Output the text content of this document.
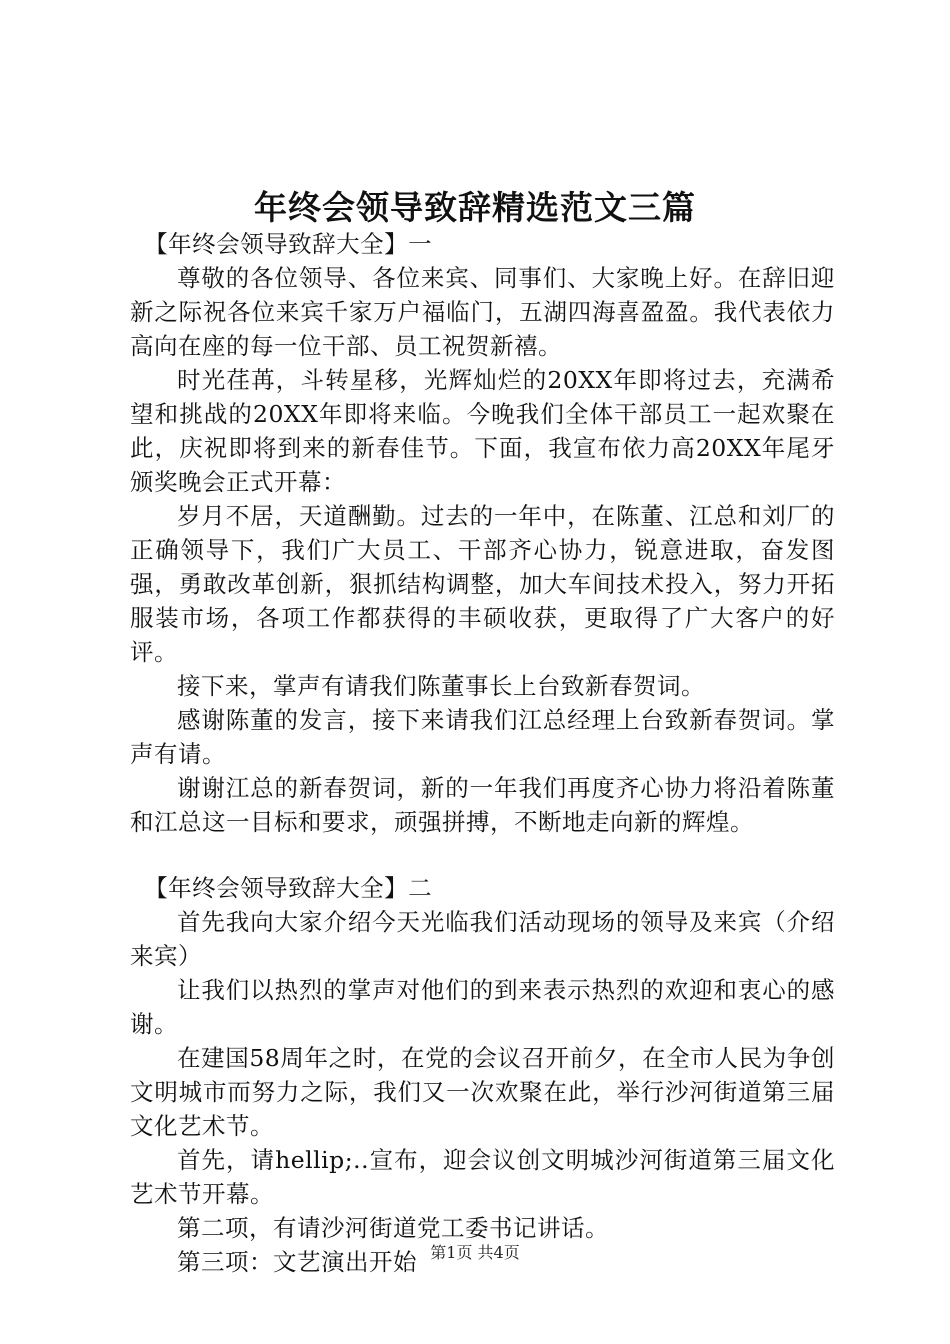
年终会领导致辞精选范文三篇

【年终会领导致辞大全】一

尊敬的各位领导、各位来宾、同事们、大家晚上好。在辞旧迎新之际祝各位来宾千家万户福临门，五湖四海喜盈盈。我代表依力高向在座的每一位干部、员工祝贺新禧。

时光荏苒，斗转星移，光辉灿烂的20XX年即将过去，充满希望和挑战的20XX年即将来临。今晚我们全体干部员工一起欢聚在此，庆祝即将到来的新春佳节。下面，我宣布依力高20XX年尾牙颁奖晚会正式开幕：

岁月不居，天道酬勤。过去的一年中，在陈董、江总和刘厂的正确领导下，我们广大员工、干部齐心协力，锐意进取，奋发图强，勇敢改革创新，狠抓结构调整，加大车间技术投入，努力开拓服装市场，各项工作都获得的丰硕收获，更取得了广大客户的好评。

接下来，掌声有请我们陈董事长上台致新春贺词。

感谢陈董的发言，接下来请我们江总经理上台致新春贺词。掌声有请。

谢谢江总的新春贺词，新的一年我们再度齐心协力将沿着陈董和江总这一目标和要求，顽强拼搏，不断地走向新的辉煌。

【年终会领导致辞大全】二

首先我向大家介绍今天光临我们活动现场的领导及来宾（介绍来宾）

让我们以热烈的掌声对他们的到来表示热烈的欢迎和衷心的感谢。

在建国58周年之时，在党的会议召开前夕，在全市人民为争创文明城市而努力之际，我们又一次欢聚在此，举行沙河街道第三届文化艺术节。

首先，请hellip;..宣布，迎会议创文明城沙河街道第三届文化艺术节开幕。

第二项，有请沙河街道党工委书记讲话。

第三项：文艺演出开始 第1页 共4页
